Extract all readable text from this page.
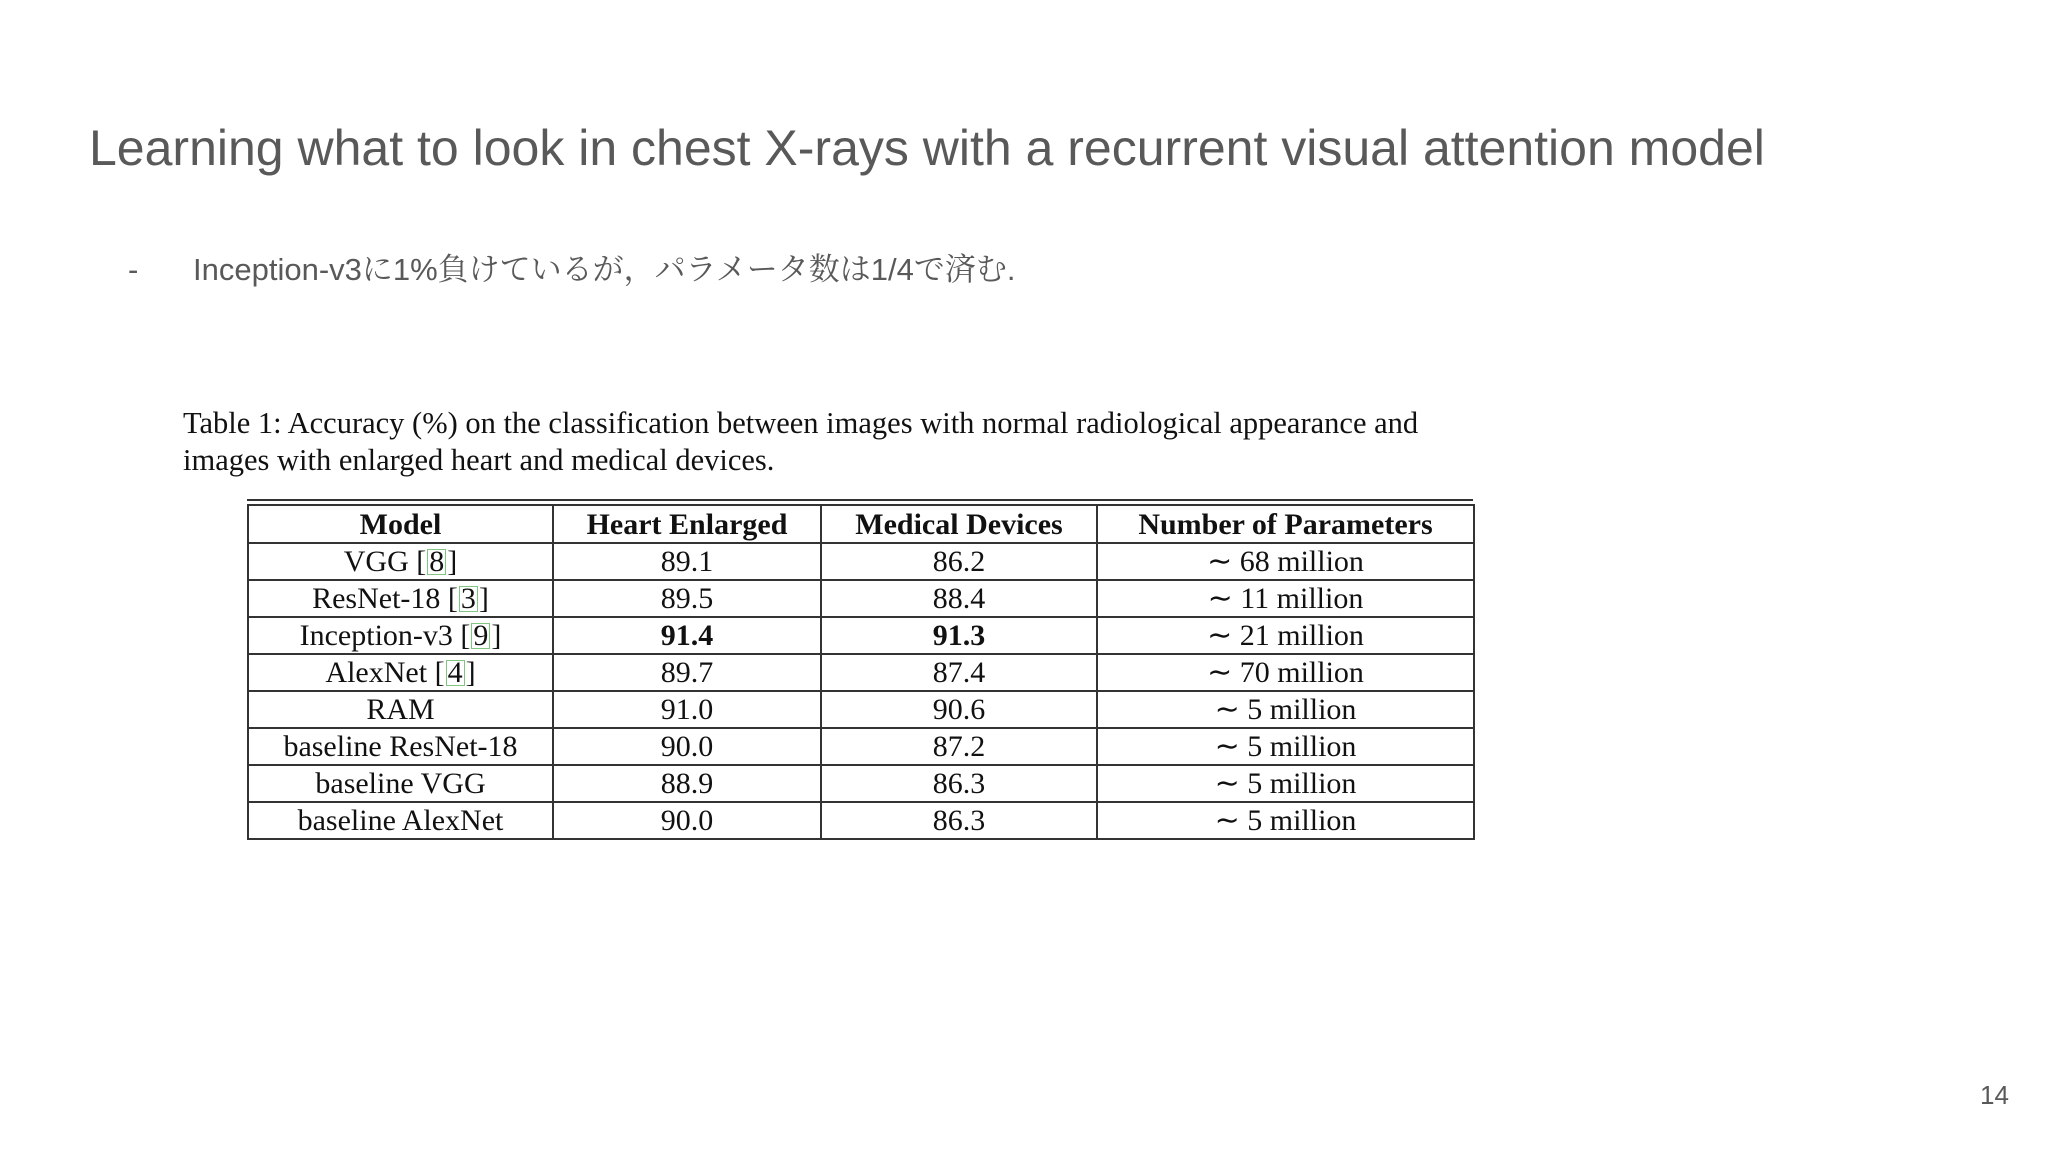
Learning what to look in chest X-rays with a recurrent visual attention model
- Inception-v3に1%負けているが，パラメータ数は1/4で済む.

Table 1: Accuracy (%) on the classification between images with normal radiological appearance and
images with enlarged heart and medical devices.

Model	Heart Enlarged	Medical Devices	Number of Parameters
VGG [ 8 ]	89.1	86.2	∼ 68 million
ResNet-18 [ 3 ]	89.5	88.4	∼ 11 million
Inception-v3 [ 9 ]	91.4	91.3	∼ 21 million
AlexNet [ 4 ]	89.7	87.4	∼ 70 million
RAM	91.0	90.6	∼ 5 million
baseline ResNet-18	90.0	87.2	∼ 5 million
baseline VGG	88.9	86.3	∼ 5 million
baseline AlexNet	90.0	86.3	∼ 5 million
14
